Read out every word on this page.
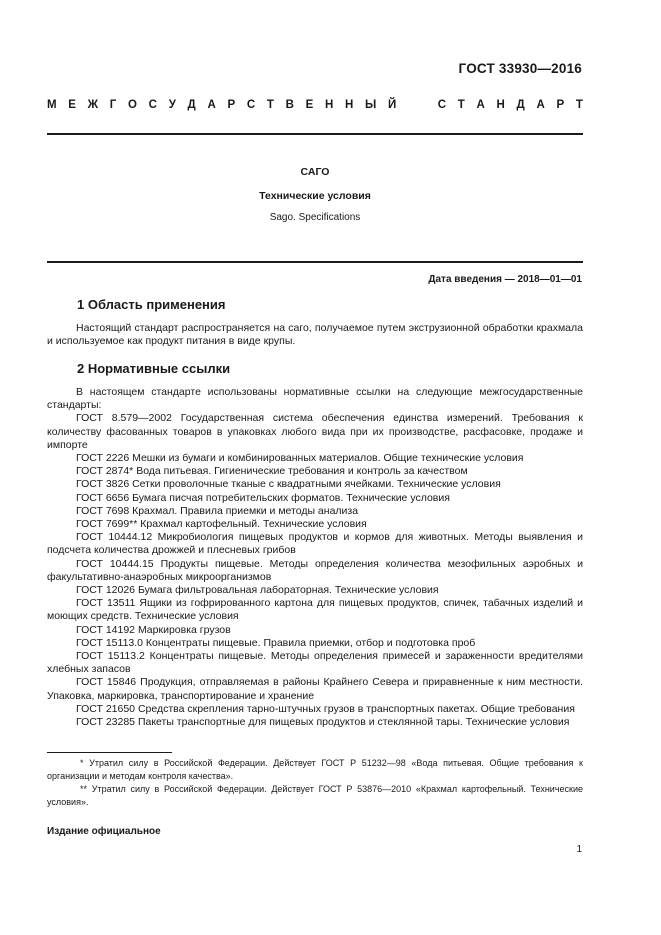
ГОСТ 33930—2016
М Е Ж Г О С У Д А Р С Т В Е Н Н Ы Й

	С Т А Н Д А Р Т
САГО
Технические условия
Sago. Specifications
Дата введения — 2018—01—01
1 Область применения
Настоящий стандарт распространяется на саго, получаемое путем экструзионной обработки крахмала и используемое как продукт питания в виде крупы.
2 Нормативные ссылки
В настоящем стандарте использованы нормативные ссылки на следующие межгосударственные стандарты:
ГОСТ 8.579—2002 Государственная система обеспечения единства измерений. Требования к количеству фасованных товаров в упаковках любого вида при их производстве, расфасовке, продаже и импорте
ГОСТ 2226 Мешки из бумаги и комбинированных материалов. Общие технические условия
ГОСТ 2874* Вода питьевая. Гигиенические требования и контроль за качеством
ГОСТ 3826 Сетки проволочные тканые с квадратными ячейками. Технические условия
ГОСТ 6656 Бумага писчая потребительских форматов. Технические условия
ГОСТ 7698 Крахмал. Правила приемки и методы анализа
ГОСТ 7699** Крахмал картофельный. Технические условия
ГОСТ 10444.12 Микробиология пищевых продуктов и кормов для животных. Методы выявления и подсчета количества дрожжей и плесневых грибов
ГОСТ 10444.15 Продукты пищевые. Методы определения количества мезофильных аэробных и факультативно-анаэробных микроорганизмов
ГОСТ 12026 Бумага фильтровальная лабораторная. Технические условия
ГОСТ 13511 Ящики из гофрированного картона для пищевых продуктов, спичек, табачных изделий и моющих средств. Технические условия
ГОСТ 14192 Маркировка грузов
ГОСТ 15113.0 Концентраты пищевые. Правила приемки, отбор и подготовка проб
ГОСТ 15113.2 Концентраты пищевые. Методы определения примесей и зараженности вредителями хлебных запасов
ГОСТ 15846 Продукция, отправляемая в районы Крайнего Севера и приравненные к ним местности. Упаковка, маркировка, транспортирование и хранение
ГОСТ 21650 Средства скрепления тарно-штучных грузов в транспортных пакетах. Общие требования
ГОСТ 23285 Пакеты транспортные для пищевых продуктов и стеклянной тары. Технические условия
* Утратил силу в Российской Федерации. Действует ГОСТ Р 51232—98 «Вода питьевая. Общие требования к организации и методам контроля качества».
** Утратил силу в Российской Федерации. Действует ГОСТ Р 53876—2010 «Крахмал картофельный. Технические условия».
Издание официальное
1
